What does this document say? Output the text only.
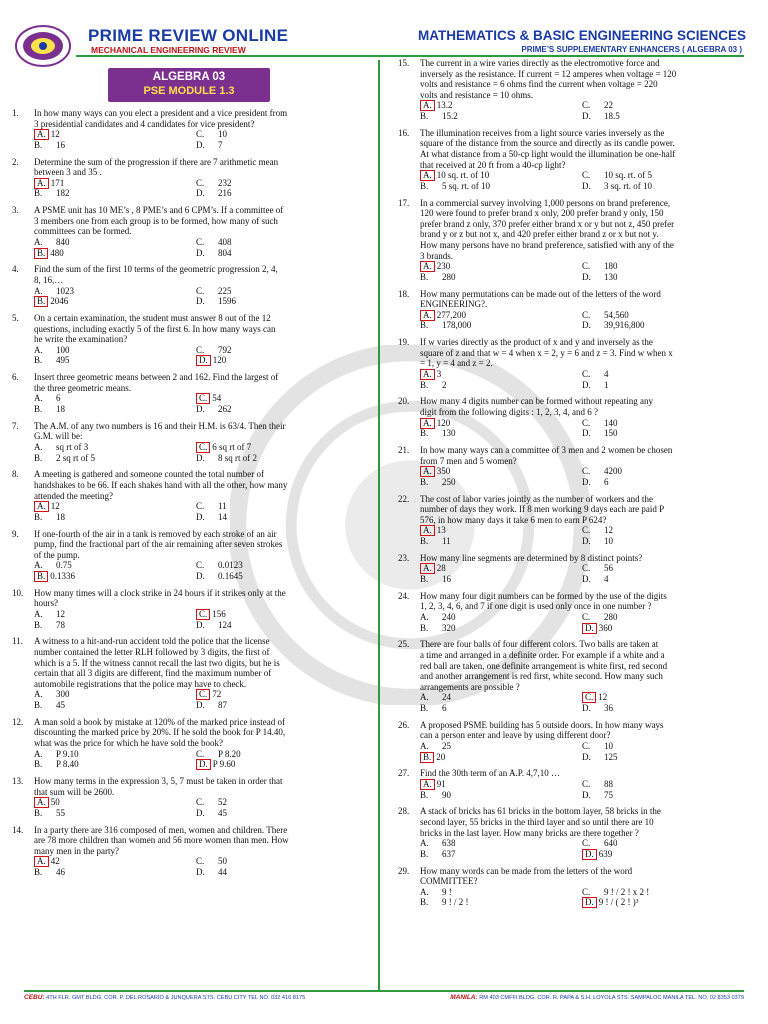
PRIME REVIEW ONLINE
MECHANICAL ENGINEERING REVIEW
MATHEMATICS & BASIC ENGINEERING SCIENCES
PRIME’S SUPPLEMENTARY ENHANCERS ( ALGEBRA 03 )
ALGEBRA 03
PSE MODULE 1.3
1. In how many ways can you elect a president and a vice president from
3 presidential candidates and 4 candidates for vice president?
A. 12	C. 10
B. 16	D. 7
2. Determine the sum of the progression if there are 7 arithmetic mean
between 3 and 35 .
A. 171	C. 232
B. 182	D. 216
3. A PSME unit has 10 ME’s , 8 PME’s and 6 CPM’s. If a committee of
3 members one from each group is to be formed, how many of such
committees can be formed.
A. 840	C. 408
B. 480	D. 804
4. Find the sum of the first 10 terms of the geometric progression 2, 4,
8, 16,…
A. 1023	C. 225
B. 2046	D. 1596
5. On a certain examination, the student must answer 8 out of the 12
questions, including exactly 5 of the first 6. In how many ways can
he write the examination?
A. 100	C. 792
B. 495	D. 120
6. Insert three geometric means between 2 and 162. Find the largest of
the three geometric means.
A. 6	C. 54
B. 18	D. 262
7. The A.M. of any two numbers is 16 and their H.M. is 63/4. Then their
G.M. will be:
A. sq rt of 3	C. 6 sq rt of 7
B. 2 sq rt of 5	D. 8 sq rt of 2
8. A meeting is gathered and someone counted the total number of
handshakes to be 66. If each shakes hand with all the other, how many
attended the meeting?
A. 12	C. 11
B. 18	D. 14
9. If one-fourth of the air in a tank is removed by each stroke of an air
pump, find the fractional part of the air remaining after seven strokes
of the pump.
A. 0.75	C. 0.0123
B. 0.1336	D. 0.1645
10. How many times will a clock strike in 24 hours if it strikes only at the
hours?
A. 12	C. 156
B. 78	D. 124
11. A witness to a hit-and-run accident told the police that the license
number contained the letter RLH followed by 3 digits, the first of
which is a 5. If the witness cannot recall the last two digits, but he is
certain that all 3 digits are different, find the maximum number of
automobile registrations that the police may have to check.
A. 300	C. 72
B. 45	D. 87
12. A man sold a book by mistake at 120% of the marked price instead of
discounting the marked price by 20%. If he sold the book for P 14.40,
what was the price for which he have sold the book?
A. P 9.10	C. P 8.20
B. P 8.40	D. P 9.60
13. How many terms in the expression 3, 5, 7 must be taken in order that
that sum will be 2600.
A. 50	C. 52
B. 55	D. 45
14. In a party there are 316 composed of men, women and children. There
are 78 more children than women and 56 more women than men. How
many men in the party?
A. 42	C. 50
B. 46	D. 44
15. The current in a wire varies directly as the electromotive force and
inversely as the resistance. If current = 12 amperes when voltage = 120
volts and resistance = 6 ohms find the current when voltage = 220
volts and resistance = 10 ohms.
A. 13.2	C. 22
B. 15.2	D. 18.5
16. The illumination receives from a light source varies inversely as the
square of the distance from the source and directly as its candle power.
At what distance from a 50-cp light would the illumination be one-half
that received at 20 ft from a 40-cp light?
A. 10 sq. rt. of 10	C. 10 sq. rt. of 5
B. 5 sq. rt. of 10	D. 3 sq. rt. of 10
17. In a commercial survey involving 1,000 persons on brand preference,
120 were found to prefer brand x only, 200 prefer brand y only, 150
prefer brand z only, 370 prefer either brand x or y but not z, 450 prefer
brand y or z but not x, and 420 prefer either brand z or x but not y.
How many persons have no brand preference, satisfied with any of the
3 brands.
A. 230	C. 180
B. 280	D. 130
18. How many permutations can be made out of the letters of the word
ENGINEERING?.
A. 277,200	C. 54,560
B. 178,000	D. 39,916,800
19. If w varies directly as the product of x and y and inversely as the
square of z and that w = 4 when x = 2, y = 6 and z = 3. Find w when x
= 1, y = 4 and z = 2.
A. 3	C. 4
B. 2	D. 1
20. How many 4 digits number can be formed without repeating any
digit from the following digits : 1, 2, 3, 4, and 6 ?
A. 120	C. 140
B. 130	D. 150
21. In how many ways can a committee of 3 men and 2 women be chosen
from 7 men and 5 women?
A. 350	C. 4200
B. 250	D. 6
22. The cost of labor varies jointly as the number of workers and the
number of days they work. If 8 men working 9 days each are paid P
576, in how many days it take 6 men to earn P 624?
A. 13	C. 12
B. 11	D. 10
23. How many line segments are determined by 8 distinct points?
A. 28	C. 56
B. 16	D. 4
24. How many four digit numbers can be formed by the use of the digits
1, 2, 3, 4, 6, and 7 if one digit is used only once in one number ?
A. 240	C. 280
B. 320	D. 360
25. There are four balls of four different colors. Two balls are taken at
a time and arranged in a definite order. For example if a white and a
red ball are taken, one definite arrangement is white first, red second
and another arrangement is red first, white second. How many such
arrangements are possible ?
A. 24	C. 12
B. 6	D. 36
26. A proposed PSME building has 5 outside doors. In how many ways
can a person enter and leave by using different door?
A. 25	C. 10
B. 20	D. 125
27. Find the 30th term of an A.P. 4,7,10 …
A. 91	C. 88
B. 90	D. 75
28. A stack of bricks has 61 bricks in the bottom layer, 58 bricks in the
second layer, 55 bricks in the third layer and so until there are 10
bricks in the last layer. How many bricks are there together ?
A. 638	C. 640
B. 637	D. 639
29. How many words can be made from the letters of the word
COMMITTEE?
A. 9 !	C. 9 ! / 2 ! x 2 !
B. 9 ! / 2 !	D. 9 ! / ( 2 ! )³
CEBU: 4TH FLR. GMT BLDG. COR. P. DEL ROSARIO & JUNQUERA STS. CEBU CITY TEL NO. 032 416 8175	MANILA: RM 403 CMFFI BLDG. COR. R. PAPA & S.H. LOYOLA STS. SAMPALOC MANILA TEL. NO. 02 8353 0379
